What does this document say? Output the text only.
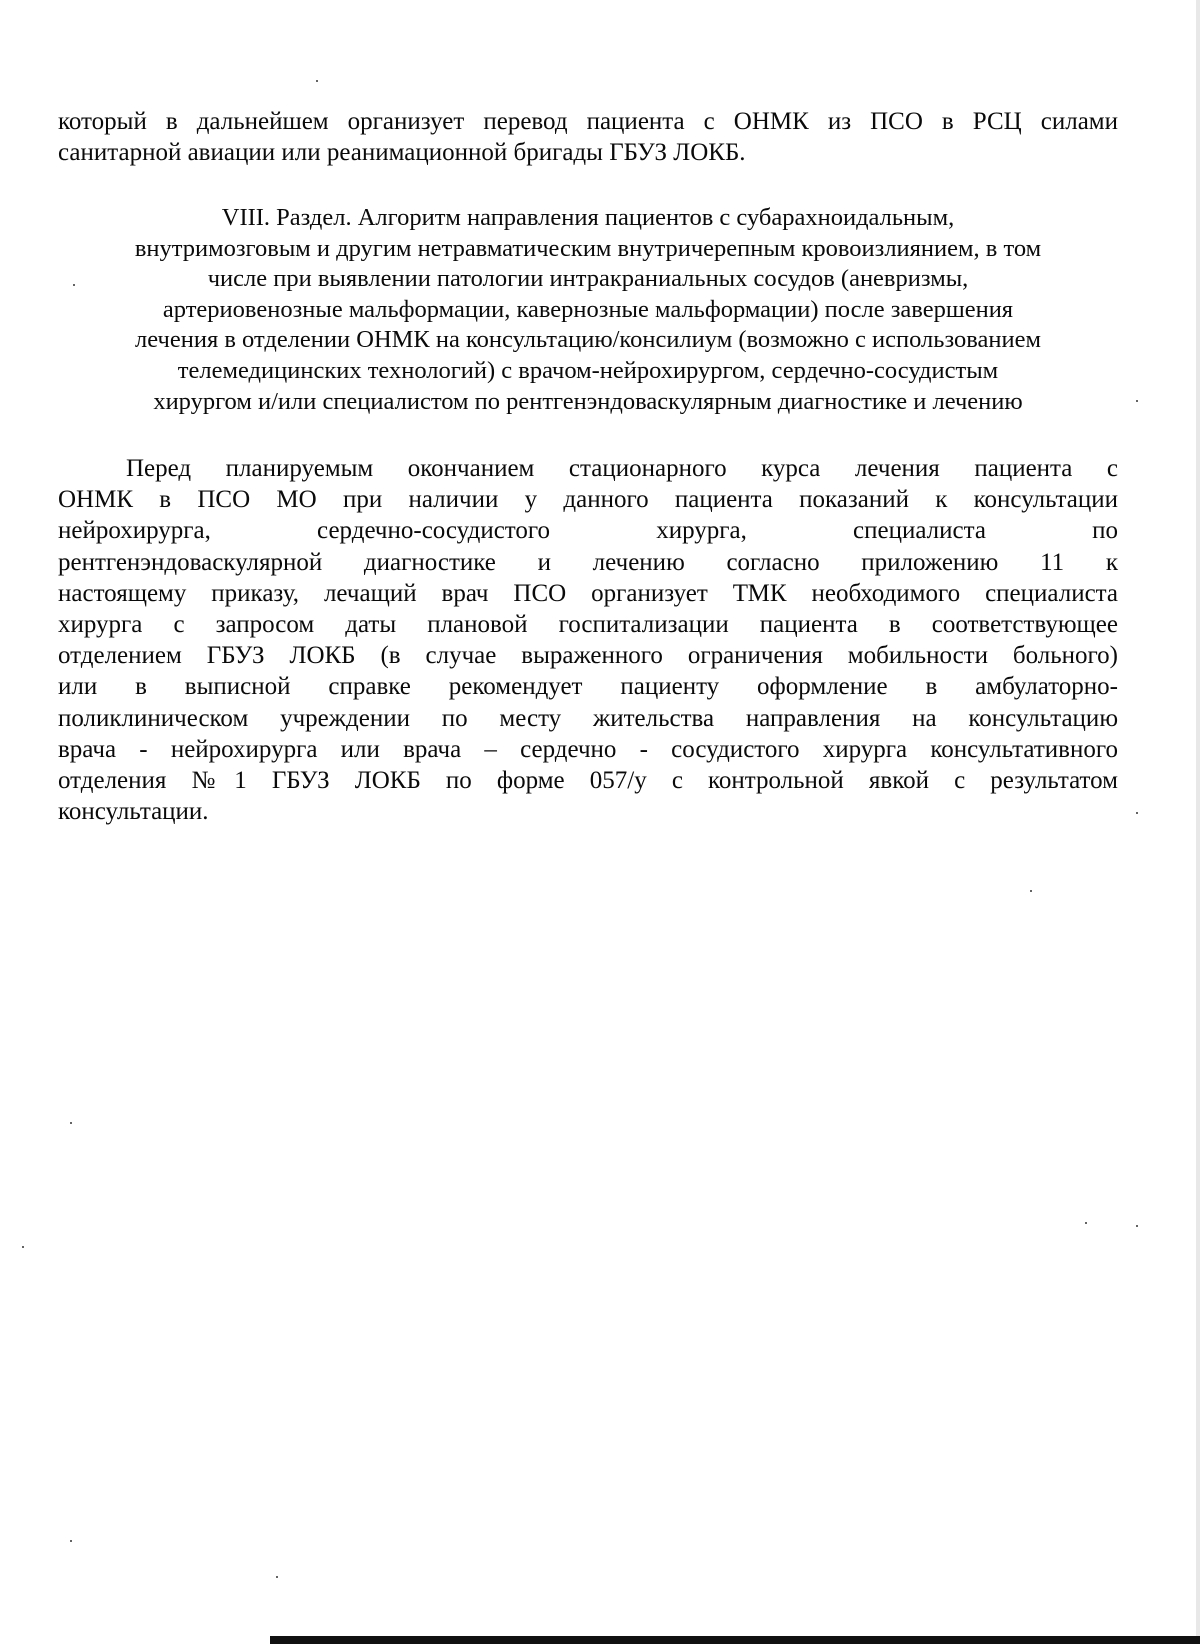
который в дальнейшем организует перевод пациента с ОНМК из ПСО в РСЦ силами

санитарной авиации или реанимационной бригады ГБУЗ ЛОКБ.

VIII. Раздел. Алгоритм направления пациентов с субарахноидальным,
внутримозговым и другим нетравматическим внутричерепным кровоизлиянием, в том
числе при выявлении патологии интракраниальных сосудов (аневризмы,
артериовенозные мальформации, кавернозные мальформации) после завершения
лечения в отделении ОНМК на консультацию/консилиум (возможно с использованием
телемедицинских технологий) с врачом-нейрохирургом, сердечно-сосудистым
хирургом и/или специалистом по рентгенэндоваскулярным диагностике и лечению
Перед планируемым окончанием стационарного курса лечения пациента с
ОНМК в ПСО МО при наличии у данного пациента показаний к консультации
нейрохирурга, сердечно-сосудистого хирурга, специалиста по
рентгенэндоваскулярной диагностике и лечению согласно приложению 11 к
настоящему приказу, лечащий врач ПСО организует ТМК необходимого специалиста
хирурга с запросом даты плановой госпитализации пациента в соответствующее
отделением ГБУЗ ЛОКБ (в случае выраженного ограничения мобильности больного)
или в выписной справке рекомендует пациенту оформление в амбулаторно-
поликлиническом учреждении по месту жительства направления на консультацию
врача - нейрохирурга или врача – сердечно - сосудистого хирурга консультативного
отделения №1 ГБУЗ ЛОКБ по форме 057/у с контрольной явкой с результатом
консультации.
